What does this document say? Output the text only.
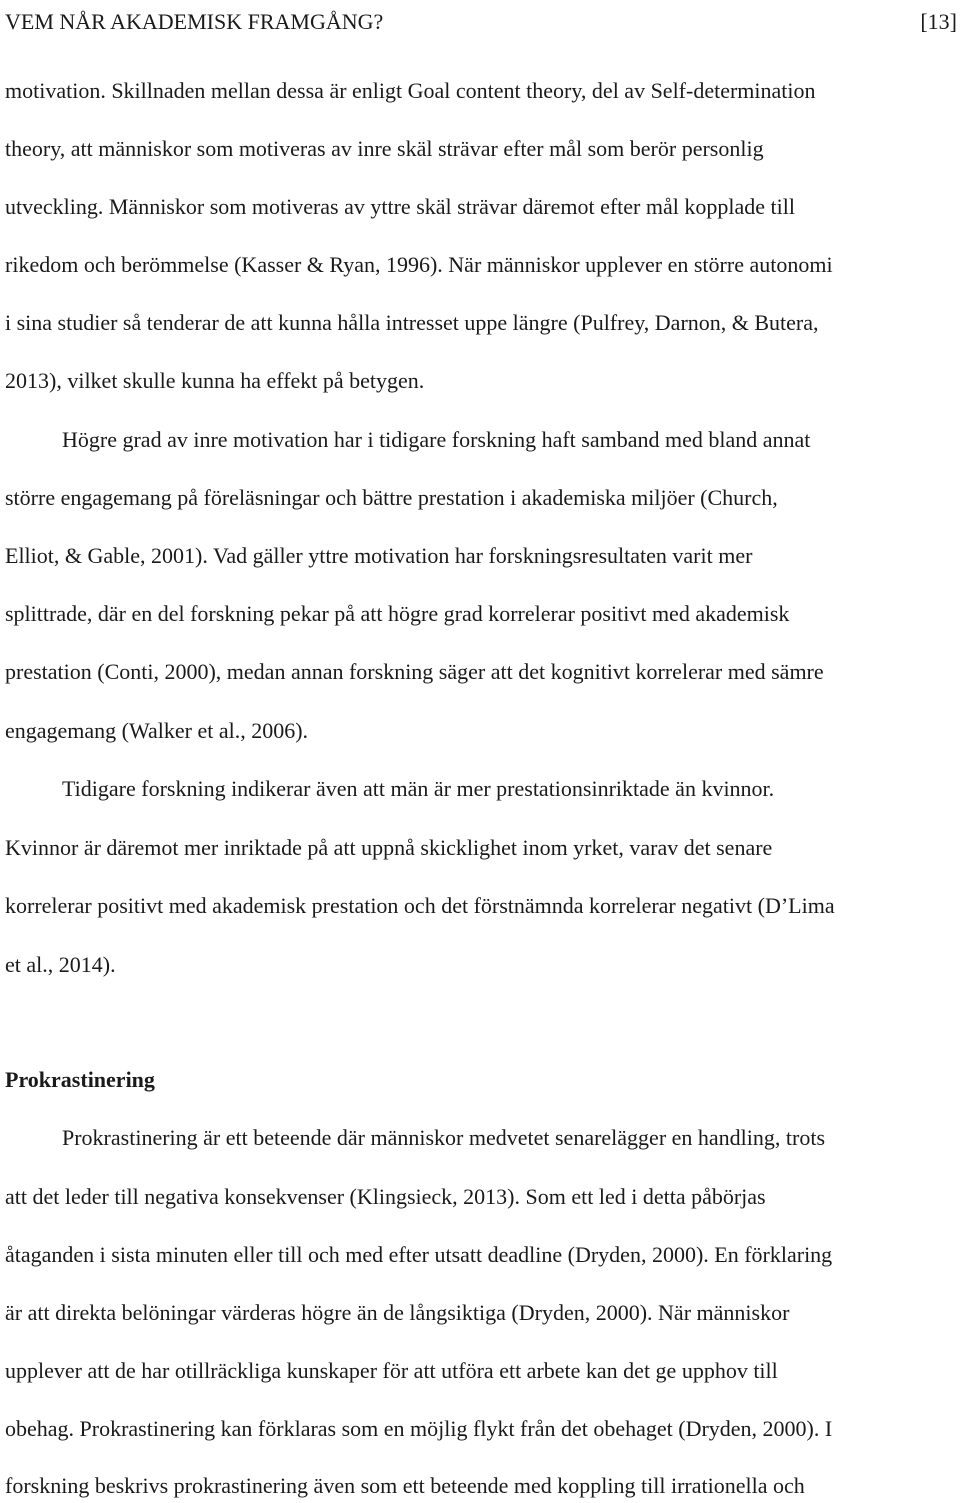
VEM NÅR AKADEMISK FRAMGÅNG?	[13]
motivation. Skillnaden mellan dessa är enligt Goal content theory, del av Self-determination
theory, att människor som motiveras av inre skäl strävar efter mål som berör personlig
utveckling. Människor som motiveras av yttre skäl strävar däremot efter mål kopplade till
rikedom och berömmelse (Kasser & Ryan, 1996). När människor upplever en större autonomi
i sina studier så tenderar de att kunna hålla intresset uppe längre (Pulfrey, Darnon, & Butera,
2013), vilket skulle kunna ha effekt på betygen.
Högre grad av inre motivation har i tidigare forskning haft samband med bland annat
större engagemang på föreläsningar och bättre prestation i akademiska miljöer (Church,
Elliot, & Gable, 2001). Vad gäller yttre motivation har forskningsresultaten varit mer
splittrade, där en del forskning pekar på att högre grad korrelerar positivt med akademisk
prestation (Conti, 2000), medan annan forskning säger att det kognitivt korrelerar med sämre
engagemang (Walker et al., 2006).
Tidigare forskning indikerar även att män är mer prestationsinriktade än kvinnor.
Kvinnor är däremot mer inriktade på att uppnå skicklighet inom yrket, varav det senare
korrelerar positivt med akademisk prestation och det förstnämnda korrelerar negativt (D’Lima
et al., 2014).
Prokrastinering
Prokrastinering är ett beteende där människor medvetet senarelägger en handling, trots
att det leder till negativa konsekvenser (Klingsieck, 2013). Som ett led i detta påbörjas
åtaganden i sista minuten eller till och med efter utsatt deadline (Dryden, 2000). En förklaring
är att direkta belöningar värderas högre än de långsiktiga (Dryden, 2000). När människor
upplever att de har otillräckliga kunskaper för att utföra ett arbete kan det ge upphov till
obehag. Prokrastinering kan förklaras som en möjlig flykt från det obehaget (Dryden, 2000). I
forskning beskrivs prokrastinering även som ett beteende med koppling till irrationella och
